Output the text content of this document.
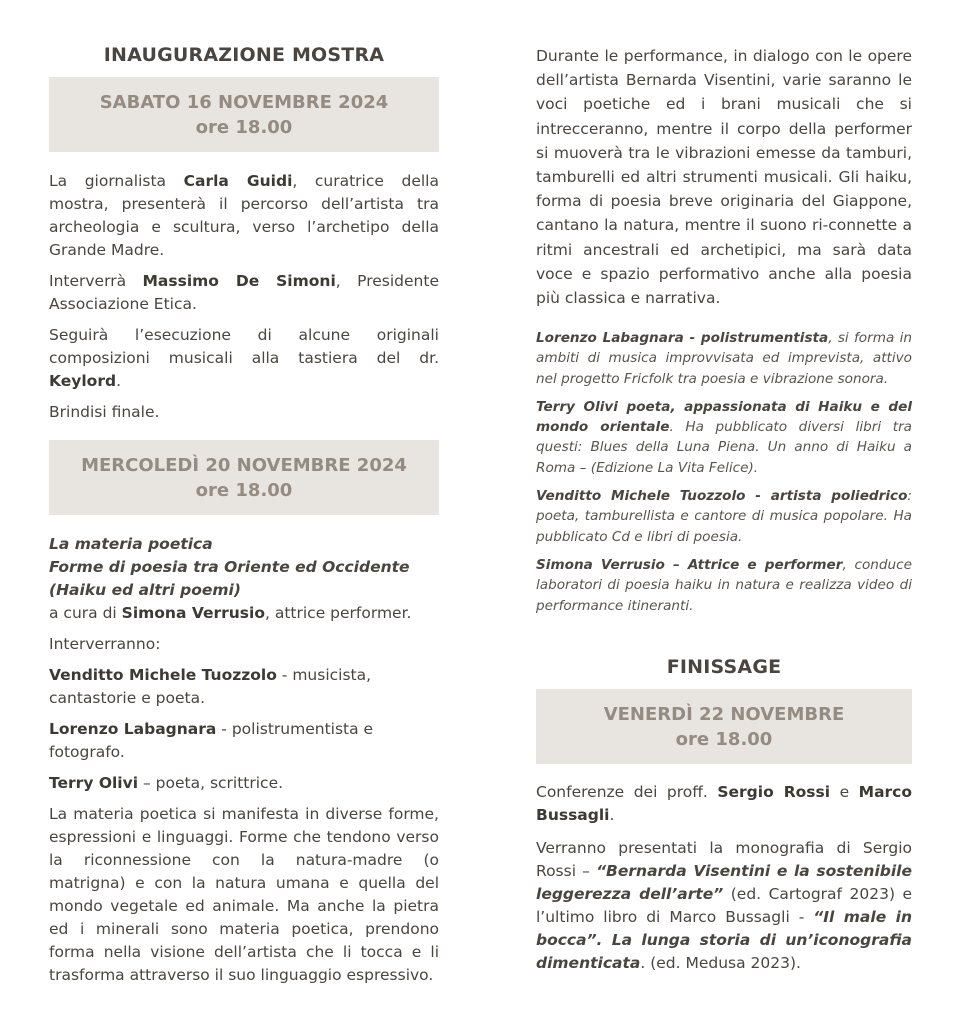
INAUGURAZIONE MOSTRA
SABATO 16 NOVEMBRE 2024
ore 18.00

La giornalista Carla Guidi, curatrice della mostra, presenterà il percorso dell’artista tra archeologia e scultura, verso l’archetipo della Grande Madre.

Interverrà Massimo De Simoni, Presidente Associazione Etica.

Seguirà l’esecuzione di alcune originali composizioni musicali alla tastiera del dr. Keylord.

Brindisi finale.

MERCOLEDÌ 20 NOVEMBRE 2024
ore 18.00

La materia poetica

Forme di poesia tra Oriente ed Occidente

(Haiku ed altri poemi)

a cura di Simona Verrusio, attrice performer.

Interverranno:

Venditto Michele Tuozzolo - musicista, cantastorie e poeta.

Lorenzo Labagnara - polistrumentista e fotografo.

Terry Olivi – poeta, scrittrice.

La materia poetica si manifesta in diverse forme, espressioni e linguaggi. Forme che tendono verso la riconnessione con la natura-madre (o matrigna) e con la natura umana e quella del mondo vegetale ed animale. Ma anche la pietra ed i minerali sono materia poetica, prendono forma nella visione dell’artista che li tocca e li trasforma attraverso il suo linguaggio espressivo.

Durante le performance, in dialogo con le opere dell’artista Bernarda Visentini, varie saranno le voci poetiche ed i brani musicali che si intrecceranno, mentre il corpo della performer si muoverà tra le vibrazioni emesse da tamburi, tamburelli ed altri strumenti musicali. Gli haiku, forma di poesia breve originaria del Giappone, cantano la natura, mentre il suono ri-connette a ritmi ancestrali ed archetipici, ma sarà data voce e spazio performativo anche alla poesia più classica e narrativa.

Lorenzo Labagnara - polistrumentista, si forma in ambiti di musica improvvisata ed imprevista, attivo nel progetto Fricfolk tra poesia e vibrazione sonora.

Terry Olivi poeta, appassionata di Haiku e del mondo orientale. Ha pubblicato diversi libri tra questi: Blues della Luna Piena. Un anno di Haiku a Roma – (Edizione La Vita Felice).

Venditto Michele Tuozzolo - artista poliedrico: poeta, tamburellista e cantore di musica popolare. Ha pubblicato Cd e libri di poesia.

Simona Verrusio – Attrice e performer, conduce laboratori di poesia haiku in natura e realizza video di performance itineranti.

FINISSAGE
VENERDÌ 22 NOVEMBRE
ore 18.00

Conferenze dei proff. Sergio Rossi e Marco Bussagli.

Verranno presentati la monografia di Sergio Rossi – “Bernarda Visentini e la sostenibile leggerezza dell’arte” (ed. Cartograf 2023) e l’ultimo libro di Marco Bussagli - “Il male in bocca”. La lunga storia di un’iconografia dimenticata. (ed. Medusa 2023).
